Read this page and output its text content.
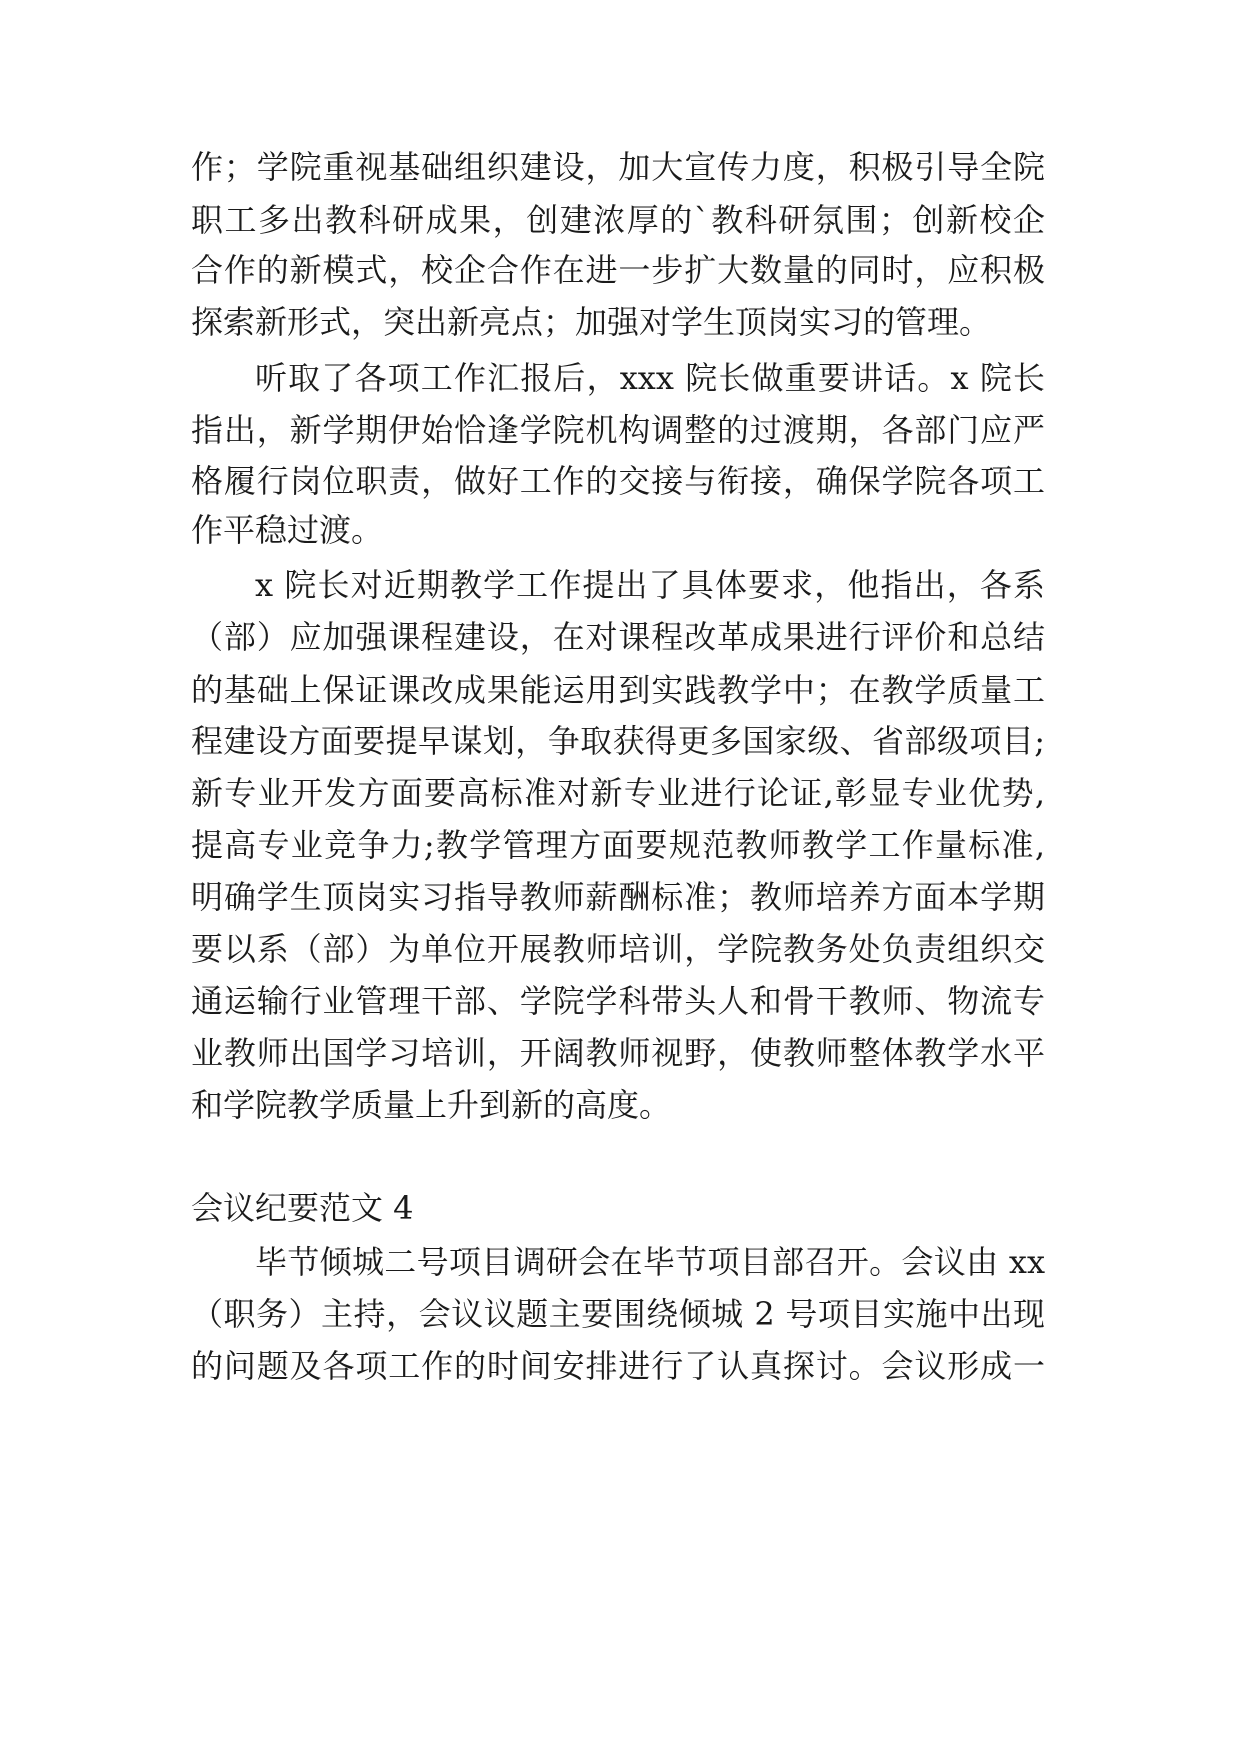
作；学院重视基础组织建设，加大宣传力度，积极引导全院
职工多出教科研成果，创建浓厚的`教科研氛围；创新校企
合作的新模式，校企合作在进一步扩大数量的同时，应积极
探索新形式，突出新亮点；加强对学生顶岗实习的管理。
听取了各项工作汇报后，xxx 院长做重要讲话。x 院长
指出，新学期伊始恰逢学院机构调整的过渡期，各部门应严
格履行岗位职责，做好工作的交接与衔接，确保学院各项工
作平稳过渡。
x 院长对近期教学工作提出了具体要求，他指出，各系
（部）应加强课程建设，在对课程改革成果进行评价和总结
的基础上保证课改成果能运用到实践教学中；在教学质量工
程建设方面要提早谋划，争取获得更多国家级、省部级项目;
新专业开发方面要高标准对新专业进行论证,彰显专业优势,
提高专业竞争力;教学管理方面要规范教师教学工作量标准,
明确学生顶岗实习指导教师薪酬标准；教师培养方面本学期
要以系（部）为单位开展教师培训，学院教务处负责组织交
通运输行业管理干部、学院学科带头人和骨干教师、物流专
业教师出国学习培训，开阔教师视野，使教师整体教学水平
和学院教学质量上升到新的高度。
会议纪要范文 4
毕节倾城二号项目调研会在毕节项目部召开。会议由 xx
（职务）主持，会议议题主要围绕倾城 2 号项目实施中出现
的问题及各项工作的时间安排进行了认真探讨。会议形成一
